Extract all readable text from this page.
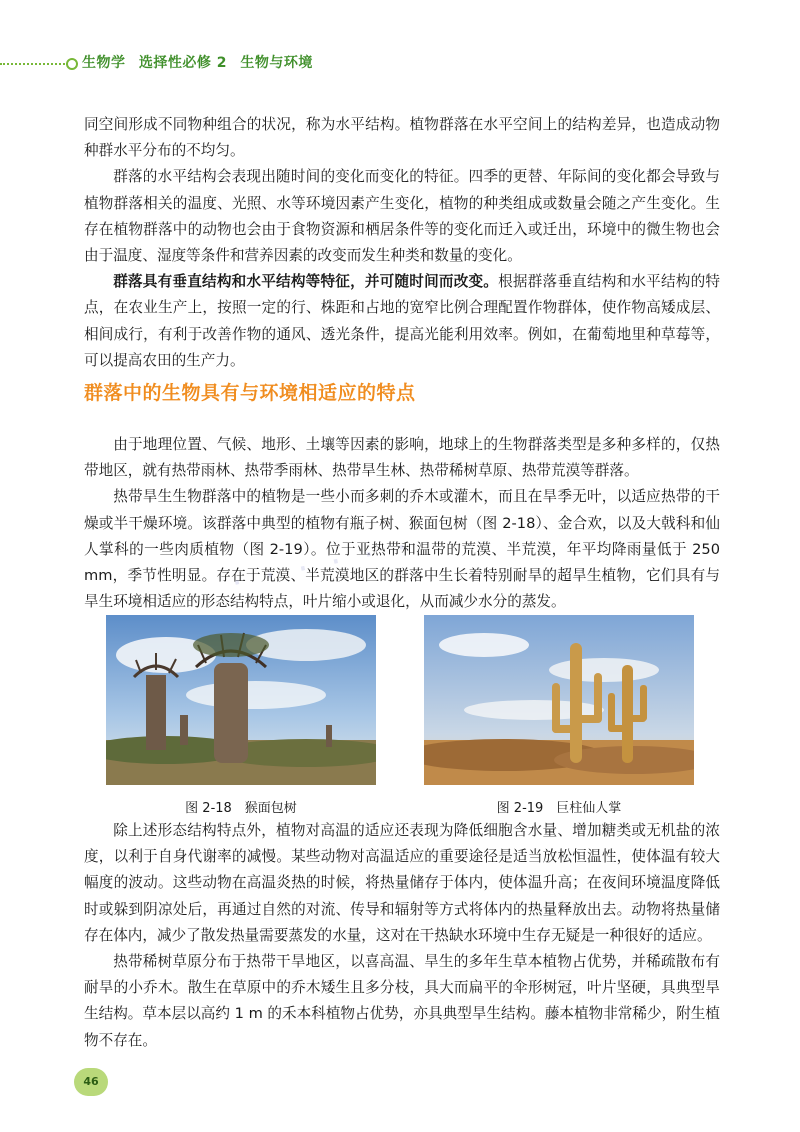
生物学 选择性必修 2 生物与环境

同空间形成不同物种组合的状况，称为水平结构。植物群落在水平空间上的结构差异，也造成动物种群水平分布的不均匀。

群落的水平结构会表现出随时间的变化而变化的特征。四季的更替、年际间的变化都会导致与植物群落相关的温度、光照、水等环境因素产生变化，植物的种类组成或数量会随之产生变化。生存在植物群落中的动物也会由于食物资源和栖居条件等的变化而迁入或迁出，环境中的微生物也会由于温度、湿度等条件和营养因素的改变而发生种类和数量的变化。

群落具有垂直结构和水平结构等特征，并可随时间而改变。根据群落垂直结构和水平结构的特点，在农业生产上，按照一定的行、株距和占地的宽窄比例合理配置作物群体，使作物高矮成层、相间成行，有利于改善作物的通风、透光条件，提高光能利用效率。例如，在葡萄地里种草莓等，可以提高农田的生产力。

群落中的生物具有与环境相适应的特点

由于地理位置、气候、地形、土壤等因素的影响，地球上的生物群落类型是多种多样的，仅热带地区，就有热带雨林、热带季雨林、热带旱生林、热带稀树草原、热带荒漠等群落。

热带旱生生物群落中的植物是一些小而多刺的乔木或灌木，而且在旱季无叶，以适应热带的干燥或半干燥环境。该群落中典型的植物有瓶子树、猴面包树（图 2-18）、金合欢，以及大戟科和仙人掌科的一些肉质植物（图 2-19）。位于亚热带和温带的荒漠、半荒漠，年平均降雨量低于 250 mm，季节性明显。存在于荒漠、半荒漠地区的群落中生长着特别耐旱的超旱生植物，它们具有与旱生环境相适应的形态结构特点，叶片缩小或退化，从而减少水分的蒸发。

· · · · · ·
图 2-18　猴面包树	图 2-19　巨柱仙人掌

除上述形态结构特点外，植物对高温的适应还表现为降低细胞含水量、增加糖类或无机盐的浓度，以利于自身代谢率的减慢。某些动物对高温适应的重要途径是适当放松恒温性，使体温有较大幅度的波动。这些动物在高温炎热的时候，将热量储存于体内，使体温升高；在夜间环境温度降低时或躲到阴凉处后，再通过自然的对流、传导和辐射等方式将体内的热量释放出去。动物将热量储存在体内，减少了散发热量需要蒸发的水量，这对在干热缺水环境中生存无疑是一种很好的适应。

热带稀树草原分布于热带干旱地区，以喜高温、旱生的多年生草本植物占优势，并稀疏散布有耐旱的小乔木。散生在草原中的乔木矮生且多分枝，具大而扁平的伞形树冠，叶片坚硬，具典型旱生结构。草本层以高约 1 m 的禾本科植物占优势，亦具典型旱生结构。藤本植物非常稀少，附生植物不存在。

46
